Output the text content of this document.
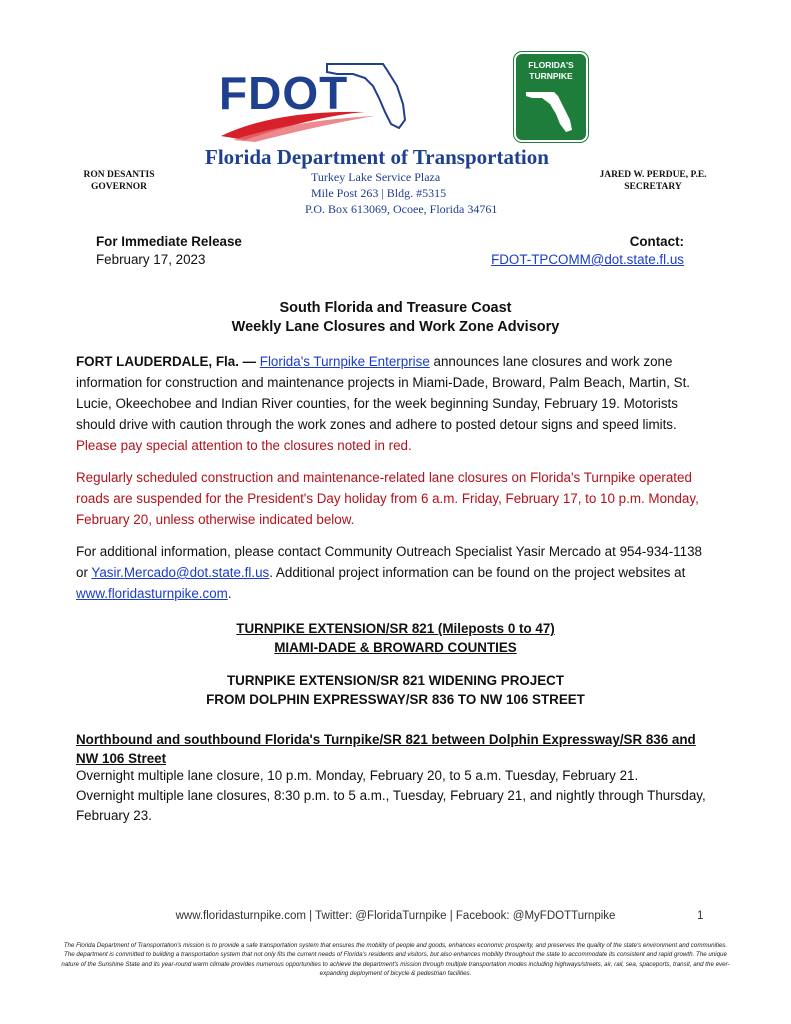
FDOT
FLORIDA'S
TURNPIKE
Florida Department of Transportation
RON DESANTIS
GOVERNOR
Turkey Lake Service Plaza
Mile Post 263 | Bldg. #5315
P.O. Box 613069, Ocoee, Florida 34761
JARED W. PERDUE, P.E.
SECRETARY
For Immediate Release
February 17, 2023
Contact:
FDOT-TPCOMM@dot.state.fl.us
South Florida and Treasure Coast
Weekly Lane Closures and Work Zone Advisory
FORT LAUDERDALE, Fla. — Florida's Turnpike Enterprise announces lane closures and work zone information for construction and maintenance projects in Miami-Dade, Broward, Palm Beach, Martin, St. Lucie, Okeechobee and Indian River counties, for the week beginning Sunday, February 19. Motorists should drive with caution through the work zones and adhere to posted detour signs and speed limits. Please pay special attention to the closures noted in red.
Regularly scheduled construction and maintenance-related lane closures on Florida's Turnpike operated roads are suspended for the President's Day holiday from 6 a.m. Friday, February 17, to 10 p.m. Monday, February 20, unless otherwise indicated below.
For additional information, please contact Community Outreach Specialist Yasir Mercado at 954-934-1138 or Yasir.Mercado@dot.state.fl.us. Additional project information can be found on the project websites at www.floridasturnpike.com.
TURNPIKE EXTENSION/SR 821 (Mileposts 0 to 47)
MIAMI-DADE & BROWARD COUNTIES
TURNPIKE EXTENSION/SR 821 WIDENING PROJECT
FROM DOLPHIN EXPRESSWAY/SR 836 TO NW 106 STREET
Northbound and southbound Florida's Turnpike/SR 821 between Dolphin Expressway/SR 836 and NW 106 Street
Overnight multiple lane closure, 10 p.m. Monday, February 20, to 5 a.m. Tuesday, February 21.
Overnight multiple lane closures, 8:30 p.m. to 5 a.m., Tuesday, February 21, and nightly through Thursday, February 23.
www.floridasturnpike.com | Twitter: @FloridaTurnpike | Facebook: @MyFDOTTurnpike	1
The Florida Department of Transportation's mission is to provide a safe transportation system that ensures the mobility of people and goods, enhances economic prosperity, and preserves the quality of the state's environment and communities. The department is committed to building a transportation system that not only fits the current needs of Florida's residents and visitors, but also enhances mobility throughout the state to accommodate its consistent and rapid growth. The unique nature of the Sunshine State and its year-round warm climate provides numerous opportunities to achieve the department's mission through multiple transportation modes including highways/streets, air, rail, sea, spaceports, transit, and the ever-expanding deployment of bicycle & pedestrian facilities.
